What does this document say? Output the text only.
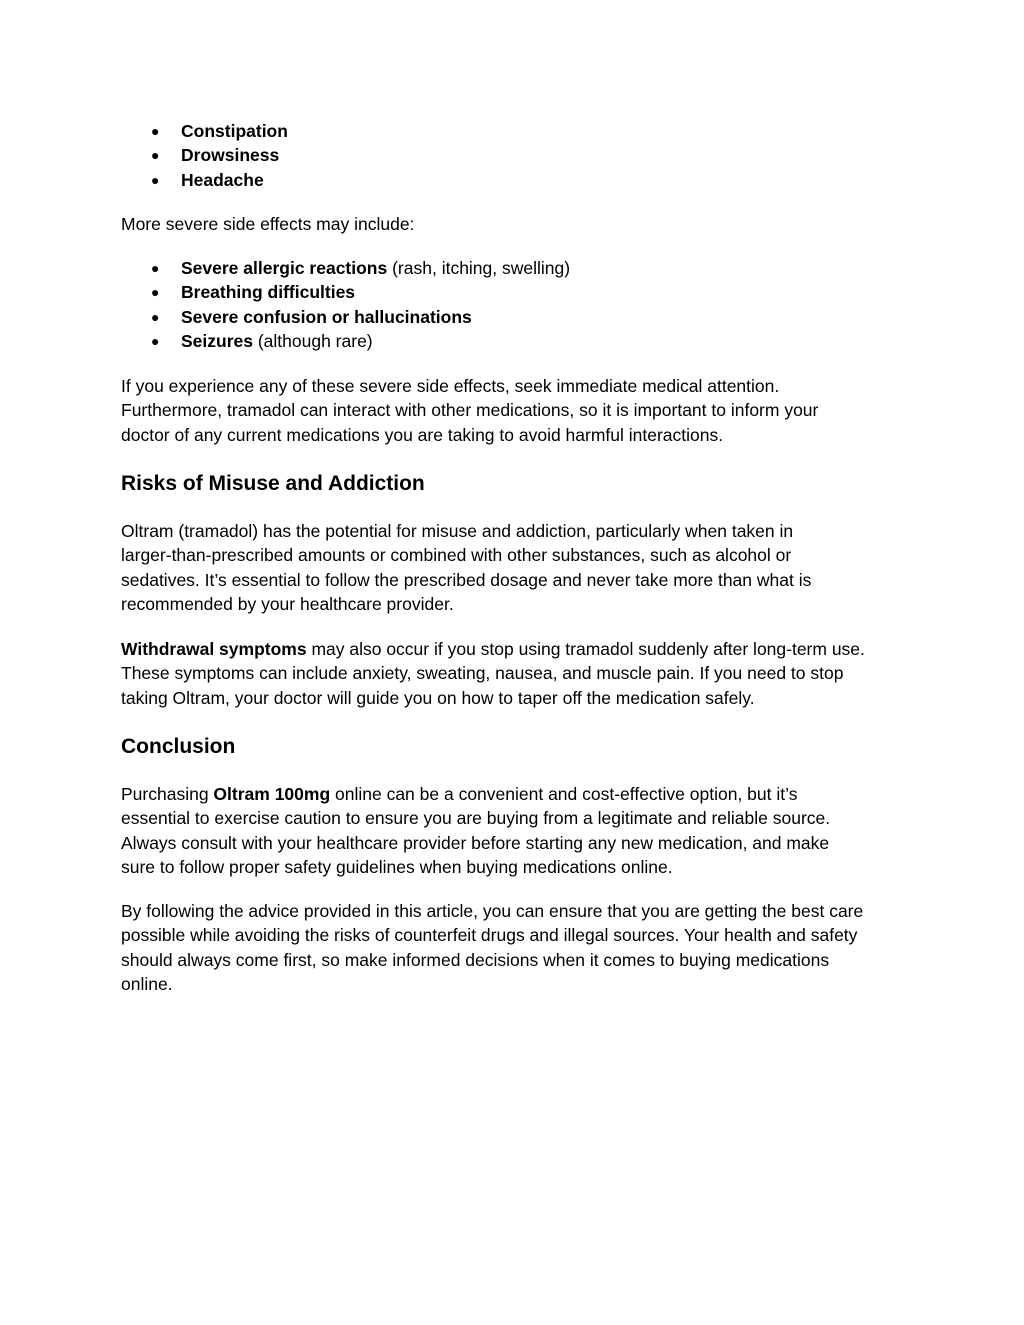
● Constipation
● Drowsiness
● Headache

More severe side effects may include:

● Severe allergic reactions (rash, itching, swelling)
● Breathing difficulties
● Severe confusion or hallucinations
● Seizures (although rare)

If you experience any of these severe side effects, seek immediate medical attention.
Furthermore, tramadol can interact with other medications, so it is important to inform your
doctor of any current medications you are taking to avoid harmful interactions.

Risks of Misuse and Addiction

Oltram (tramadol) has the potential for misuse and addiction, particularly when taken in
larger-than-prescribed amounts or combined with other substances, such as alcohol or
sedatives. It’s essential to follow the prescribed dosage and never take more than what is
recommended by your healthcare provider.

Withdrawal symptoms may also occur if you stop using tramadol suddenly after long-term use.
These symptoms can include anxiety, sweating, nausea, and muscle pain. If you need to stop
taking Oltram, your doctor will guide you on how to taper off the medication safely.

Conclusion

Purchasing Oltram 100mg online can be a convenient and cost-effective option, but it’s
essential to exercise caution to ensure you are buying from a legitimate and reliable source.
Always consult with your healthcare provider before starting any new medication, and make
sure to follow proper safety guidelines when buying medications online.

By following the advice provided in this article, you can ensure that you are getting the best care
possible while avoiding the risks of counterfeit drugs and illegal sources. Your health and safety
should always come first, so make informed decisions when it comes to buying medications
online.
